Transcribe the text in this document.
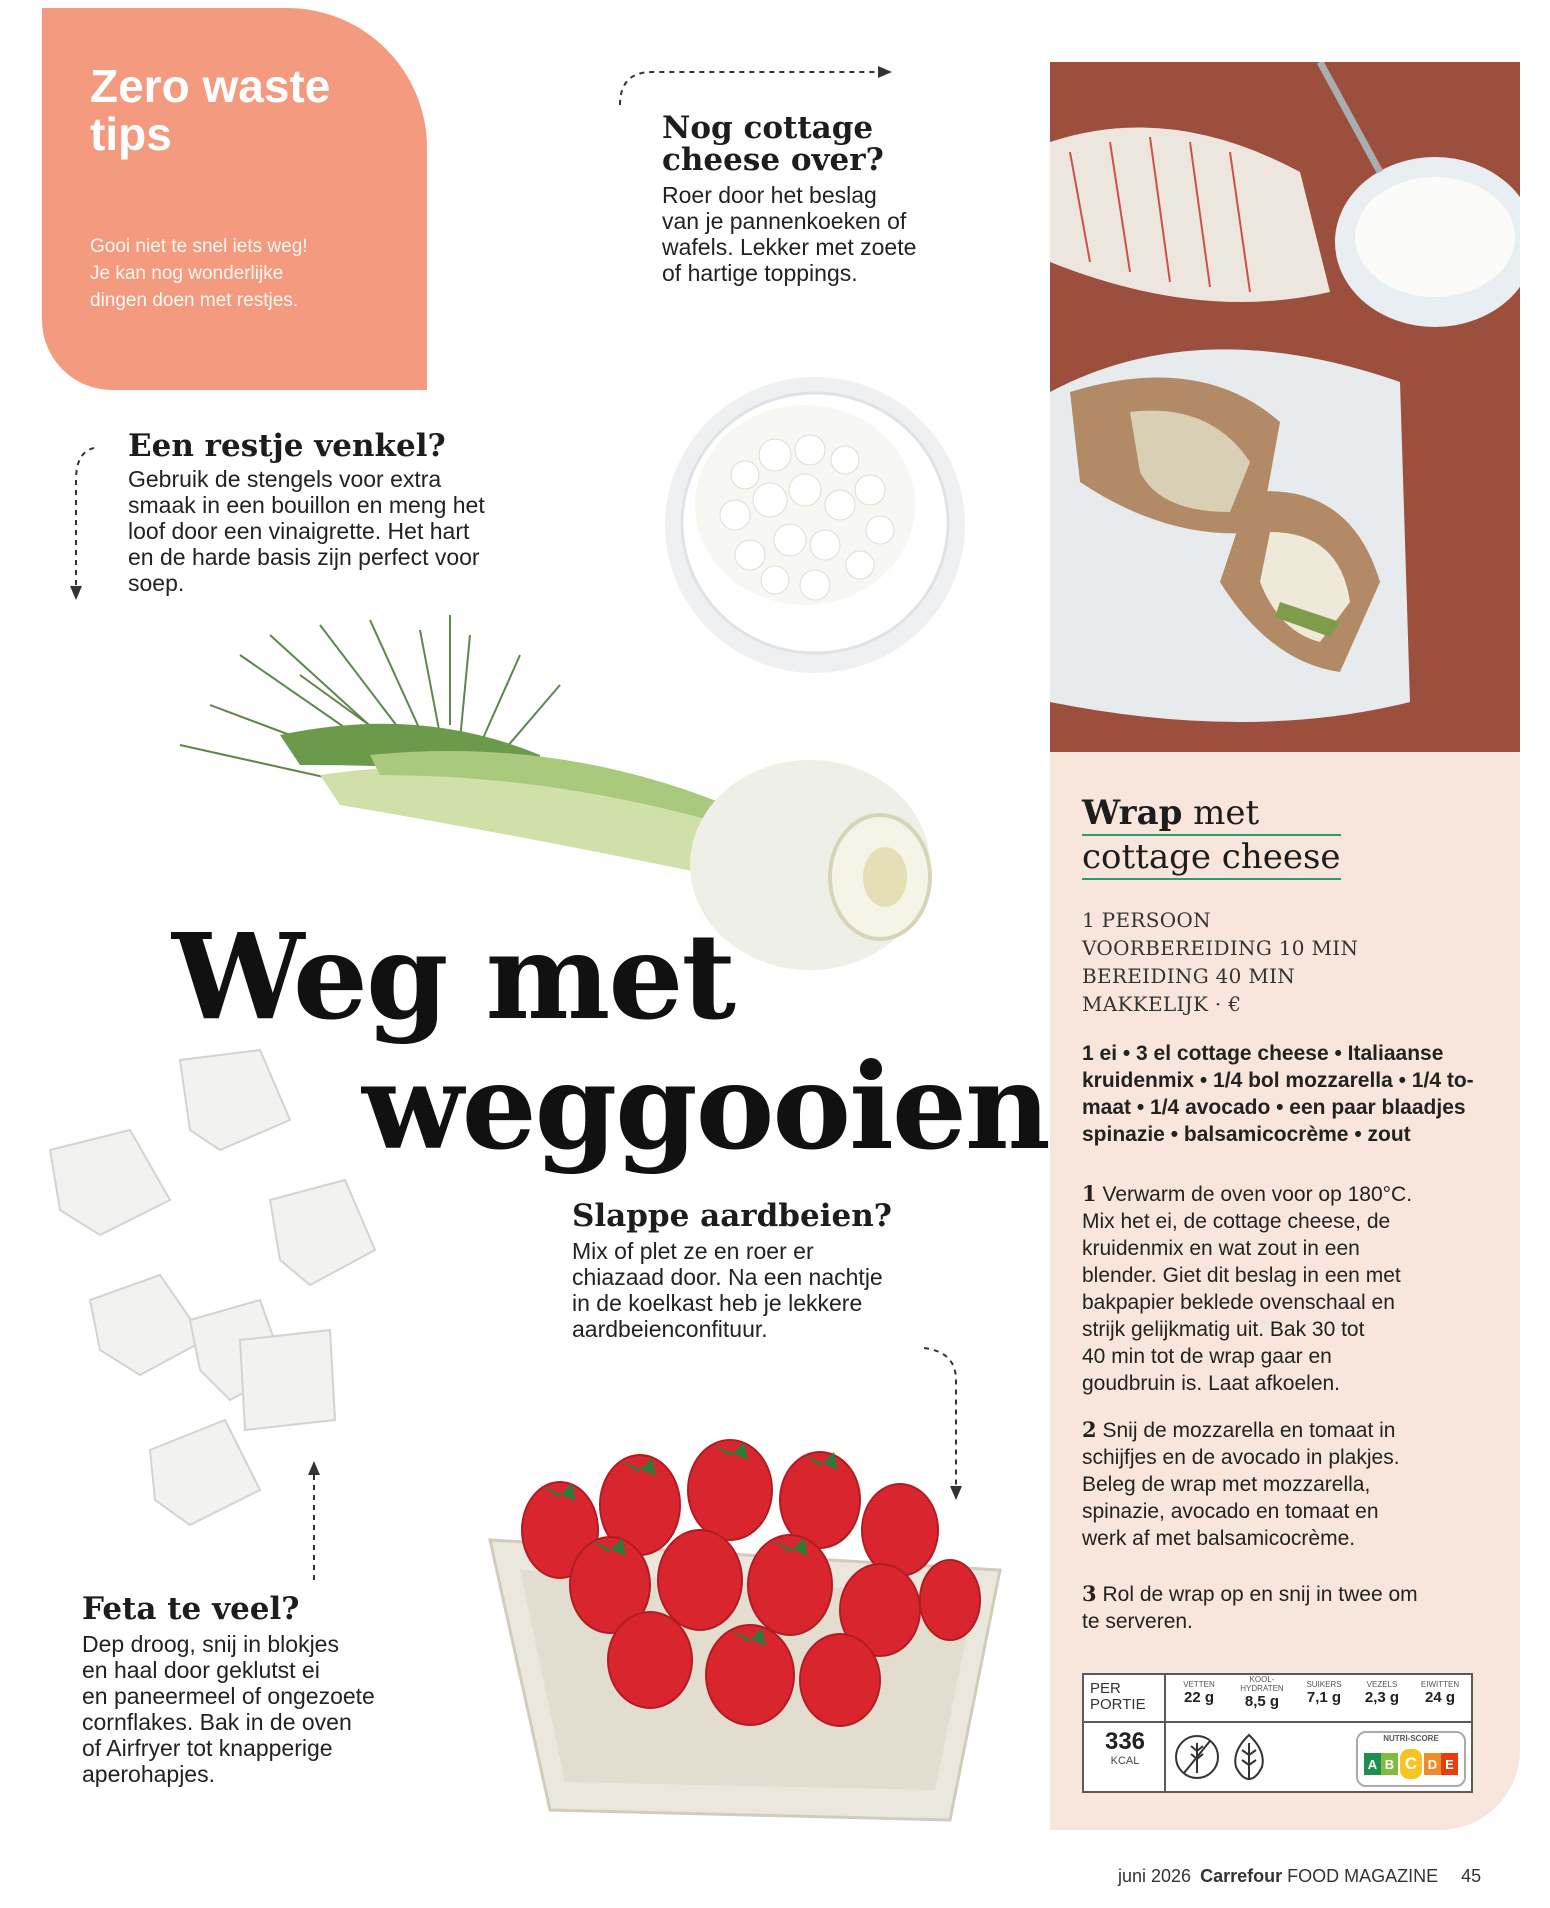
Zero waste
tips
Gooi niet te snel iets weg!
Je kan nog wonderlijke
dingen doen met restjes.
Nog cottage
cheese over?
Roer door het beslag
van je pannenkoeken of
wafels. Lekker met zoete
of hartige toppings.
Een restje venkel?
Gebruik de stengels voor extra
smaak in een bouillon en meng het
loof door een vinaigrette. Het hart
en de harde basis zijn perfect voor
soep.
Weg met
weggooien
Feta te veel?
Dep droog, snij in blokjes
en haal door geklutst ei
en paneermeel of ongezoete
cornflakes. Bak in de oven
of Airfryer tot knapperige
aperohapjes.
Slappe aardbeien?
Mix of plet ze en roer er
chiazaad door. Na een nachtje
in de koelkast heb je lekkere
aardbeienconfituur.
Wrap met
cottage cheese
1 PERSOON
VOORBEREIDING 10 MIN
BEREIDING 40 MIN
MAKKELIJK · €
1 ei • 3 el cottage cheese • Italiaanse
kruidenmix • 1/4 bol mozzarella • 1/4 to-
maat • 1/4 avocado • een paar blaadjes
spinazie • balsamicocrème • zout
1 Verwarm de oven voor op 180°C.
Mix het ei, de cottage cheese, de
kruidenmix en wat zout in een
blender. Giet dit beslag in een met
bakpapier beklede ovenschaal en
strijk gelijkmatig uit. Bak 30 tot
40 min tot de wrap gaar en
goudbruin is. Laat afkoelen.
2 Snij de mozzarella en tomaat in
schijfjes en de avocado in plakjes.
Beleg de wrap met mozzarella,
spinazie, avocado en tomaat en
werk af met balsamicocrème.
3 Rol de wrap op en snij in twee om
te serveren.
PER
PORTIE
VETTEN
22 g
KOOL-HYDRATEN
8,5 g
SUIKERS
7,1 g
VEZELS
2,3 g
EIWITTEN
24 g
336
KCAL
NUTRI-SCORE
A B C D E
juni 2026 Carrefour FOOD MAGAZINE 45
